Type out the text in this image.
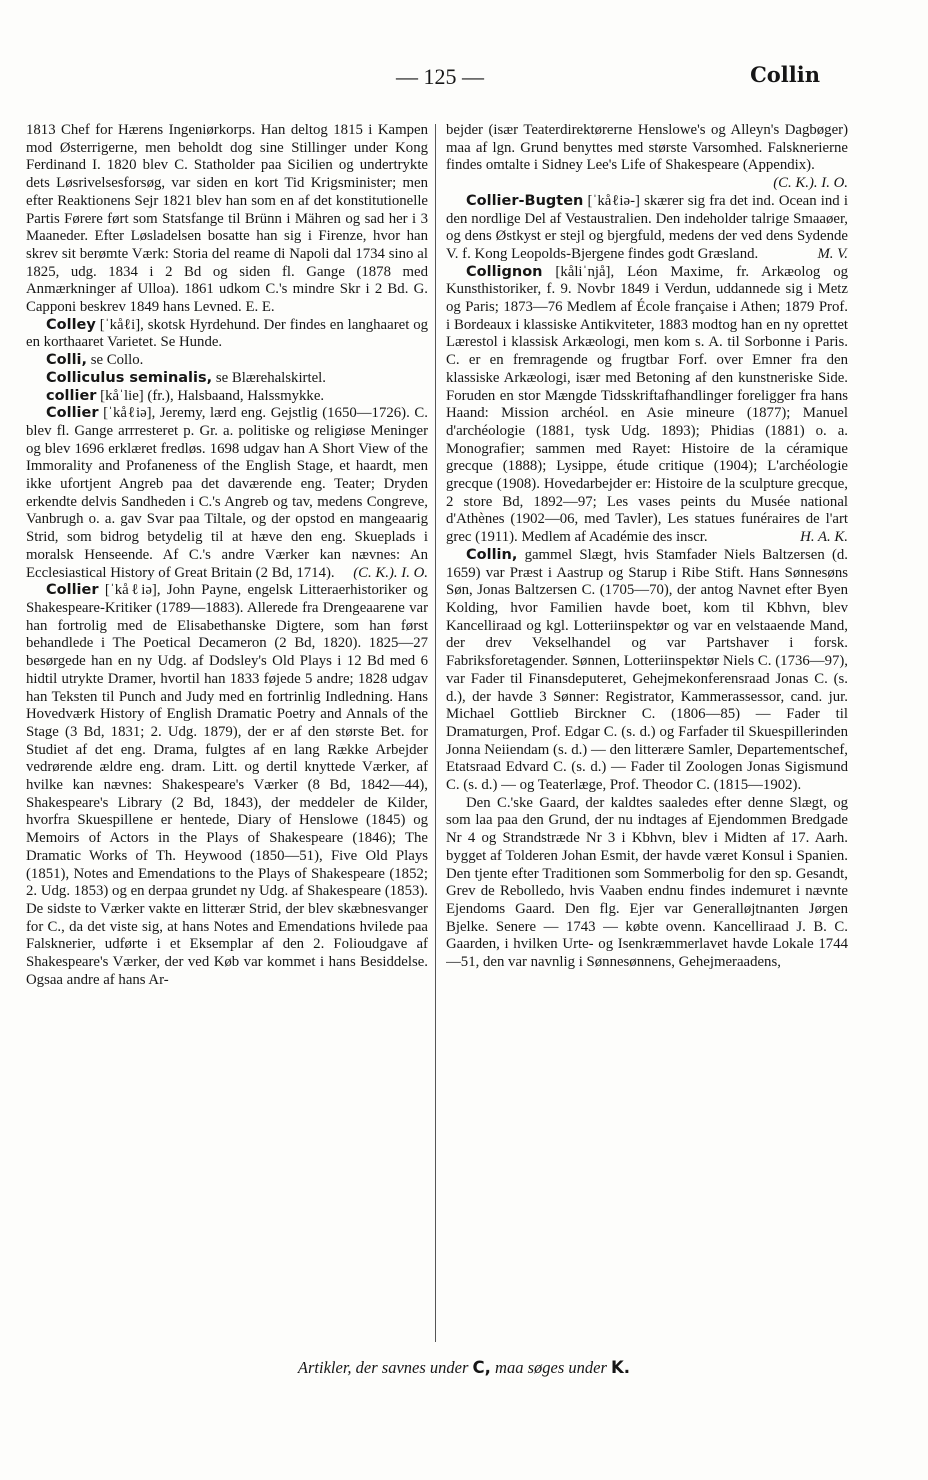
— 125 —	Collin

1813 Chef for Hærens Ingeniørkorps. Han deltog 1815 i Kampen mod Østerrigerne, men beholdt dog sine Stillinger under Kong Ferdinand I. 1820 blev C. Statholder paa Sicilien og undertrykte dets Løsrivelsesforsøg, var siden en kort Tid Krigsminister; men efter Reaktionens Sejr 1821 blev han som en af det konstitutionelle Partis Førere ført som Statsfange til Brünn i Mähren og sad her i 3 Maaneder. Efter Løsladelsen bosatte han sig i Firenze, hvor han skrev sit berømte Værk: Storia del reame di Napoli dal 1734 sino al 1825, udg. 1834 i 2 Bd og siden fl. Gange (1878 med Anmærkninger af Ulloa). 1861 udkom C.'s mindre Skr i 2 Bd. G. Capponi beskrev 1849 hans Levned. E. E.

Colley [ˈkåℓi], skotsk Hyrdehund. Der findes en langhaaret og en korthaaret Varietet. Se Hunde.

Colli, se Collo.

Colliculus seminalis, se Blærehalskirtel.

collier [kåˈlie] (fr.), Halsbaand, Halssmykke.

Collier [ˈkåℓiə], Jeremy, lærd eng. Gejstlig (1650—1726). C. blev fl. Gange arrresteret p. Gr. a. politiske og religiøse Meninger og blev 1696 erklæret fredløs. 1698 udgav han A Short View of the Immorality and Profaneness of the English Stage, et haardt, men ikke ufortjent Angreb paa det daværende eng. Teater; Dryden erkendte delvis Sandheden i C.'s Angreb og tav, medens Congreve, Vanbrugh o. a. gav Svar paa Tiltale, og der opstod en mangeaarig Strid, som bidrog betydelig til at hæve den eng. Skueplads i moralsk Henseende. Af C.'s andre Værker kan nævnes: An Ecclesiastical History of Great Britain (2 Bd, 1714). (C. K.). I. O.

Collier [ˈkåℓiə], John Payne, engelsk Litteraerhistoriker og Shakespeare-Kritiker (1789—1883). Allerede fra Drengeaarene var han fortrolig med de Elisabethanske Digtere, som han først behandlede i The Poetical Decameron (2 Bd, 1820). 1825—27 besørgede han en ny Udg. af Dodsley's Old Plays i 12 Bd med 6 hidtil utrykte Dramer, hvortil han 1833 føjede 5 andre; 1828 udgav han Teksten til Punch and Judy med en fortrinlig Indledning. Hans Hovedværk History of English Dramatic Poetry and Annals of the Stage (3 Bd, 1831; 2. Udg. 1879), der er af den største Bet. for Studiet af det eng. Drama, fulgtes af en lang Række Arbejder vedrørende ældre eng. dram. Litt. og dertil knyttede Værker, af hvilke kan nævnes: Shakespeare's Værker (8 Bd, 1842—44), Shakespeare's Library (2 Bd, 1843), der meddeler de Kilder, hvorfra Skuespillene er hentede, Diary of Henslowe (1845) og Memoirs of Actors in the Plays of Shakespeare (1846); The Dramatic Works of Th. Heywood (1850—51), Five Old Plays (1851), Notes and Emendations to the Plays of Shakespeare (1852; 2. Udg. 1853) og en derpaa grundet ny Udg. af Shakespeare (1853). De sidste to Værker vakte en litterær Strid, der blev skæbnesvanger for C., da det viste sig, at hans Notes and Emendations hvilede paa Falsknerier, udførte i et Eksemplar af den 2. Folioudgave af Shakespeare's Værker, der ved Køb var kommet i hans Besiddelse. Ogsaa andre af hans Ar-

bejder (især Teaterdirektørerne Henslowe's og Alleyn's Dagbøger) maa af lgn. Grund benyttes med største Varsomhed. Falsknerierne findes omtalte i Sidney Lee's Life of Shakespeare (Appendix).
(C. K.). I. O.

Collier-Bugten [ˈkåℓiə-] skærer sig fra det ind. Ocean ind i den nordlige Del af Vestaustralien. Den indeholder talrige Smaaøer, og dens Østkyst er stejl og bjergfuld, medens der ved dens Sydende V. f. Kong Leopolds-Bjergene findes godt Græsland.	M. V.

Collignon [kåliˈnjå], Léon Maxime, fr. Arkæolog og Kunsthistoriker, f. 9. Novbr 1849 i Verdun, uddannede sig i Metz og Paris; 1873—76 Medlem af École française i Athen; 1879 Prof. i Bordeaux i klassiske Antikviteter, 1883 modtog han en ny oprettet Lærestol i klassisk Arkæologi, men kom s. A. til Sorbonne i Paris. C. er en fremragende og frugtbar Forf. over Emner fra den klassiske Arkæologi, især med Betoning af den kunstneriske Side. Foruden en stor Mængde Tidsskriftafhandlinger foreligger fra hans Haand: Mission archéol. en Asie mineure (1877); Manuel d'archéologie (1881, tysk Udg. 1893); Phidias (1881) o. a. Monografier; sammen med Rayet: Histoire de la céramique grecque (1888); Lysippe, étude critique (1904); L'archéologie grecque (1908). Hovedarbejder er: Histoire de la sculpture grecque, 2 store Bd, 1892—97; Les vases peints du Musée national d'Athènes (1902—06, med Tavler), Les statues funéraires de l'art grec (1911). Medlem af Académie des inscr.	H. A. K.

Collin, gammel Slægt, hvis Stamfader Niels Baltzersen (d. 1659) var Præst i Aastrup og Starup i Ribe Stift. Hans Sønnesøns Søn, Jonas Baltzersen C. (1705—70), der antog Navnet efter Byen Kolding, hvor Familien havde boet, kom til Kbhvn, blev Kancelliraad og kgl. Lotteriinspektør og var en velstaaende Mand, der drev Vekselhandel og var Partshaver i forsk. Fabriksforetagender. Sønnen, Lotteriinspektør Niels C. (1736—97), var Fader til Finansdeputeret, Gehejmekonferensraad Jonas C. (s. d.), der havde 3 Sønner: Registrator, Kammerassessor, cand. jur. Michael Gottlieb Birckner C. (1806—85) — Fader til Dramaturgen, Prof. Edgar C. (s. d.) og Farfader til Skuespillerinden Jonna Neiiendam (s. d.) — den litterære Samler, Departementschef, Etatsraad Edvard C. (s. d.) — Fader til Zoologen Jonas Sigismund C. (s. d.) — og Teaterlæge, Prof. Theodor C. (1815—1902).

Den C.'ske Gaard, der kaldtes saaledes efter denne Slægt, og som laa paa den Grund, der nu indtages af Ejendommen Bredgade Nr 4 og Strandstræde Nr 3 i Kbhvn, blev i Midten af 17. Aarh. bygget af Tolderen Johan Esmit, der havde været Konsul i Spanien. Den tjente efter Traditionen som Sommerbolig for den sp. Gesandt, Grev de Rebolledo, hvis Vaaben endnu findes indemuret i nævnte Ejendoms Gaard. Den flg. Ejer var Generalløjtnanten Jørgen Bjelke. Senere — 1743 — købte ovenn. Kancelliraad J. B. C. Gaarden, i hvilken Urte- og Isenkræmmerlavet havde Lokale 1744—51, den var navnlig i Sønnesønnens, Gehejmeraadens,

Artikler, der savnes under C, maa søges under K.
